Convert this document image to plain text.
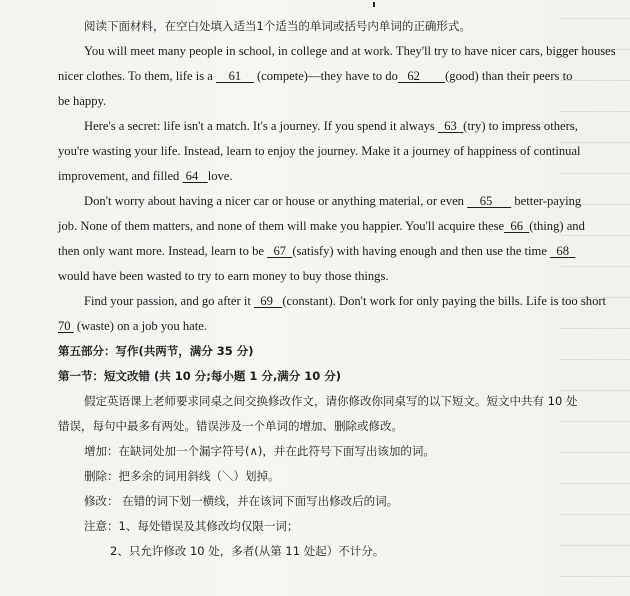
阅读下面材料，在空白处填入适当1个适当的单词或括号内单词的正确形式。
You will meet many people in school, in college and at work. They'll try to have nicer cars, bigger houses
nicer clothes. To them, life is a     61     (compete)—they have to do   62        (good) than their peers to
be happy.
Here's a secret: life isn't a match. It's a journey. If you spend it always   63  (try) to impress others,
you're wasting your life. Instead, learn to enjoy the journey. Make it a journey of happiness of continual
improvement, and filled  64   love.
Don't worry about having a nicer car or house or anything material, or even     65       better-paying
job. None of them matters, and none of them will make you happier. You'll acquire these  66  (thing) and
then only want more. Instead, learn to be   67  (satisfy) with having enough and then use the time   68
would have been wasted to try to earn money to buy those things.
Find your passion, and go after it   69   (constant). Don't work for only paying the bills. Life is too short
70  (waste) on a job you hate.
第五部分：写作(共两节，满分 35 分)
第一节：短文改错 (共 10 分;每小题 1 分,满分 10 分)
假定英语课上老师要求同桌之间交换修改作文，请你修改你同桌写的以下短文。短文中共有 10 处
错误，每句中最多有两处。错误涉及一个单词的增加、删除或修改。
增加：在缺词处加一个漏字符号(∧)，并在此符号下面写出该加的词。
删除：把多余的词用斜线（＼）划掉。
修改： 在错的词下划一横线，并在该词下面写出修改后的词。
注意：1、每处错误及其修改均仅限一词；
2、只允许修改 10 处，多者(从第 11 处起）不计分。
